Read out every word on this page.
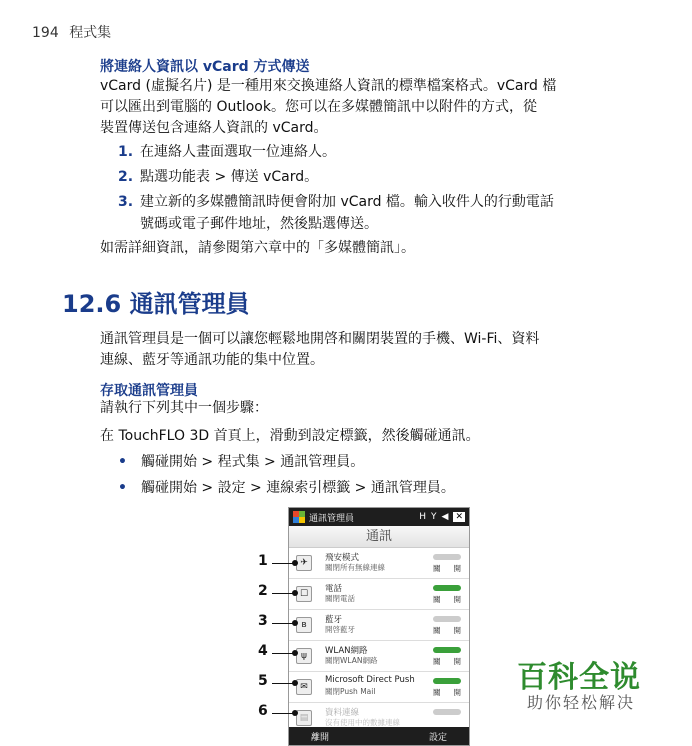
194 程式集
將連絡人資訊以 vCard 方式傳送
vCard (虛擬名片) 是一種用來交換連絡人資訊的標準檔案格式。vCard 檔
可以匯出到電腦的 Outlook。您可以在多媒體簡訊中以附件的方式，從
裝置傳送包含連絡人資訊的 vCard。
1. 在連絡人畫面選取一位連絡人。
2. 點選功能表 > 傳送 vCard。
3. 建立新的多媒體簡訊時便會附加 vCard 檔。輸入收件人的行動電話
號碼或電子郵件地址，然後點選傳送。
如需詳細資訊，請參閱第六章中的「多媒體簡訊」。
12.6 通訊管理員
通訊管理員是一個可以讓您輕鬆地開啓和關閉裝置的手機、Wi-Fi、資料
連線、藍牙等通訊功能的集中位置。
存取通訊管理員
請執行下列其中一個步驟：
在 TouchFLO 3D 首頁上，滑動到設定標籤，然後觸碰通訊。
• 觸碰開始 > 程式集 > 通訊管理員。
• 觸碰開始 > 設定 > 連線索引標籤 > 通訊管理員。
通訊管理員	H Y ◀ ✕
通訊
✈	飛安模式
關閉所有無線連線	關 開
☐	電話
關閉電話	關 開
ʙ	藍牙
開啓藍牙	關 開
ψ	WLAN網路
關閉WLAN網路	關 開
✉
Microsoft Direct Push
關閉Push Mail	關 開
▤	資料連線
沒有使用中的數據連線
離開	設定
1
2
3
4
5
6
百科全说
助你轻松解决
